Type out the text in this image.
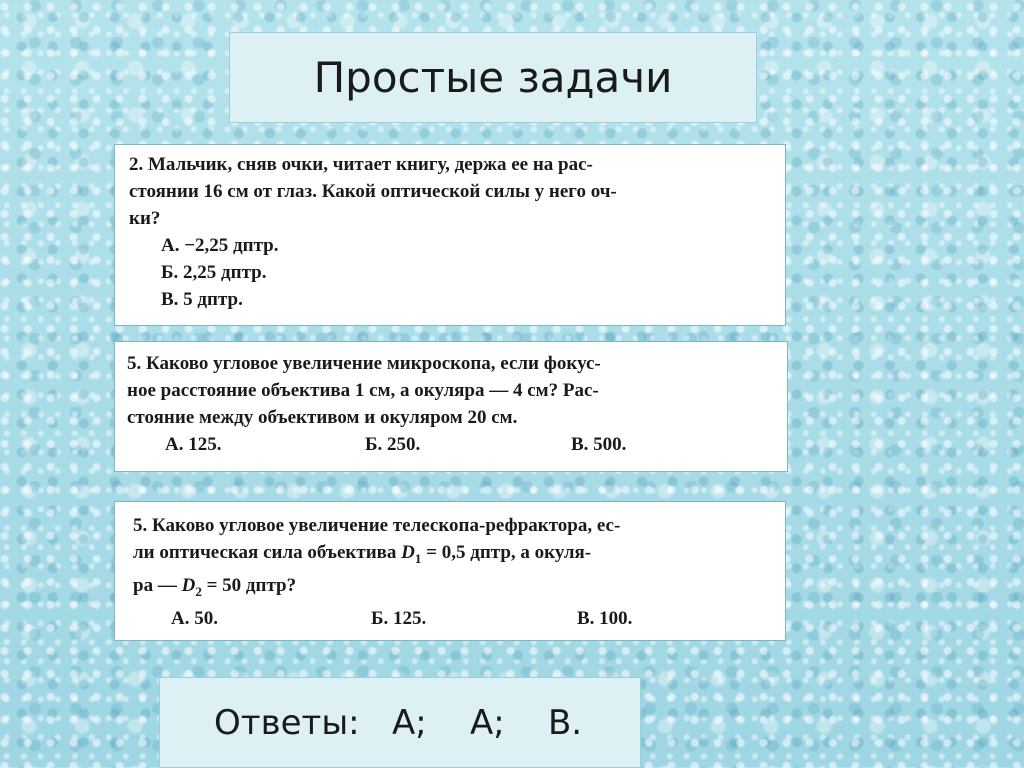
Простые задачи
2. Мальчик, сняв очки, читает книгу, держа ее на рас-
стоянии 16 см от глаз. Какой оптической силы у него оч-
ки?
А. −2,25 дптр.
Б. 2,25 дптр.
В. 5 дптр.
5. Каково угловое увеличение микроскопа, если фокус-
ное расстояние объектива 1 см, а окуляра — 4 см? Рас-
стояние между объективом и окуляром 20 см.
А. 125.	Б. 250.	В. 500.
5. Каково угловое увеличение телескопа-рефрактора, ес-
ли оптическая сила объектива $D_1 = 0,5$ дптр, а окуля-
ра — $D_2 = 50$ дптр?
А. 50.	Б. 125.	В. 100.
Ответы:   А;    А;    В.
